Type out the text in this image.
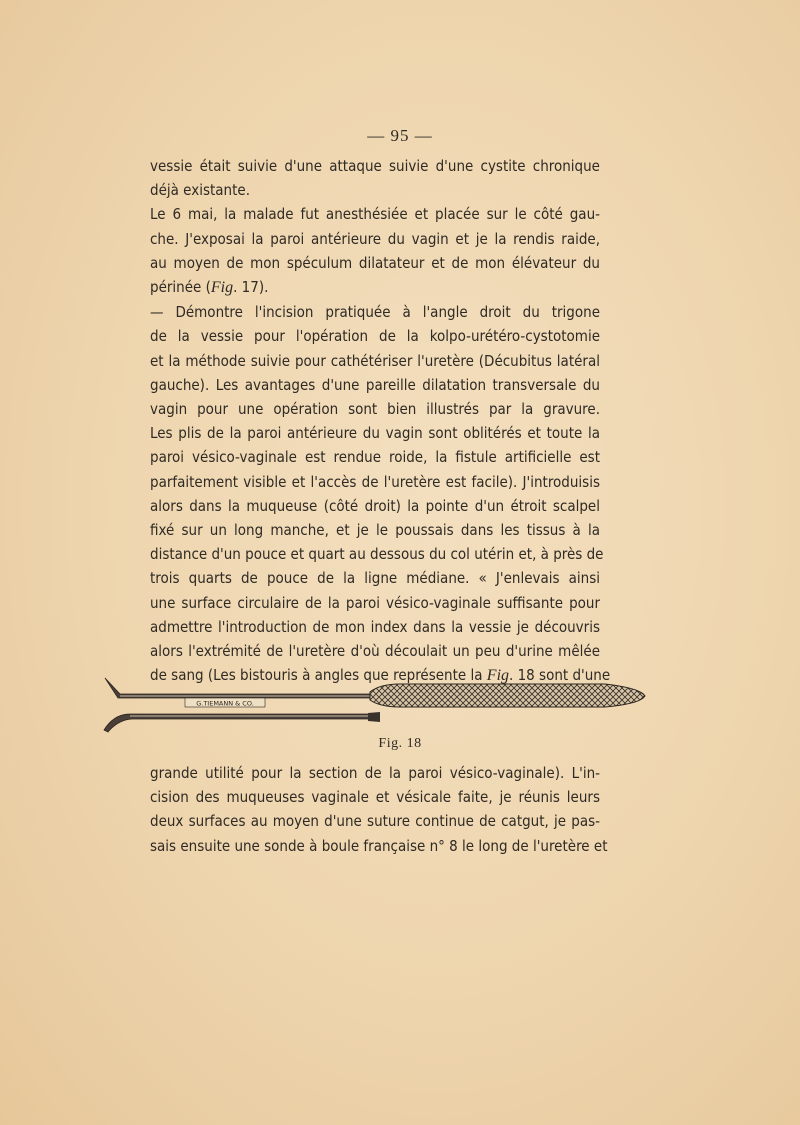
— 95 —
vessie était suivie d'une attaque suivie d'une cystite chronique
déjà existante.
Le 6 mai, la malade fut anesthésiée et placée sur le côté gau-
che. J'exposai la paroi antérieure du vagin et je la rendis raide,
au moyen de mon spéculum dilatateur et de mon élévateur du
périnée (Fig. 17).
— Démontre l'incision pratiquée à l'angle droit du trigone
de la vessie pour l'opération de la kolpo-urétéro-cystotomie
et la méthode suivie pour cathétériser l'uretère (Décubitus latéral
gauche). Les avantages d'une pareille dilatation transversale du
vagin pour une opération sont bien illustrés par la gravure.
Les plis de la paroi antérieure du vagin sont oblitérés et toute la
paroi vésico-vaginale est rendue roide, la fistule artificielle est
parfaitement visible et l'accès de l'uretère est facile). J'introduisis
alors dans la muqueuse (côté droit) la pointe d'un étroit scalpel
fixé sur un long manche, et je le poussais dans les tissus à la
distance d'un pouce et quart au dessous du col utérin et, à près de
trois quarts de pouce de la ligne médiane. « J'enlevais ainsi
une surface circulaire de la paroi vésico-vaginale suffisante pour
admettre l'introduction de mon index dans la vessie je découvris
alors l'extrémité de l'uretère d'où découlait un peu d'urine mêlée
de sang (Les bistouris à angles que représente la Fig. 18 sont d'une
G.TIEMANN & CO.
Fig. 18
grande utilité pour la section de la paroi vésico-vaginale). L'in-
cision des muqueuses vaginale et vésicale faite, je réunis leurs
deux surfaces au moyen d'une suture continue de catgut, je pas-
sais ensuite une sonde à boule française n° 8 le long de l'uretère et
